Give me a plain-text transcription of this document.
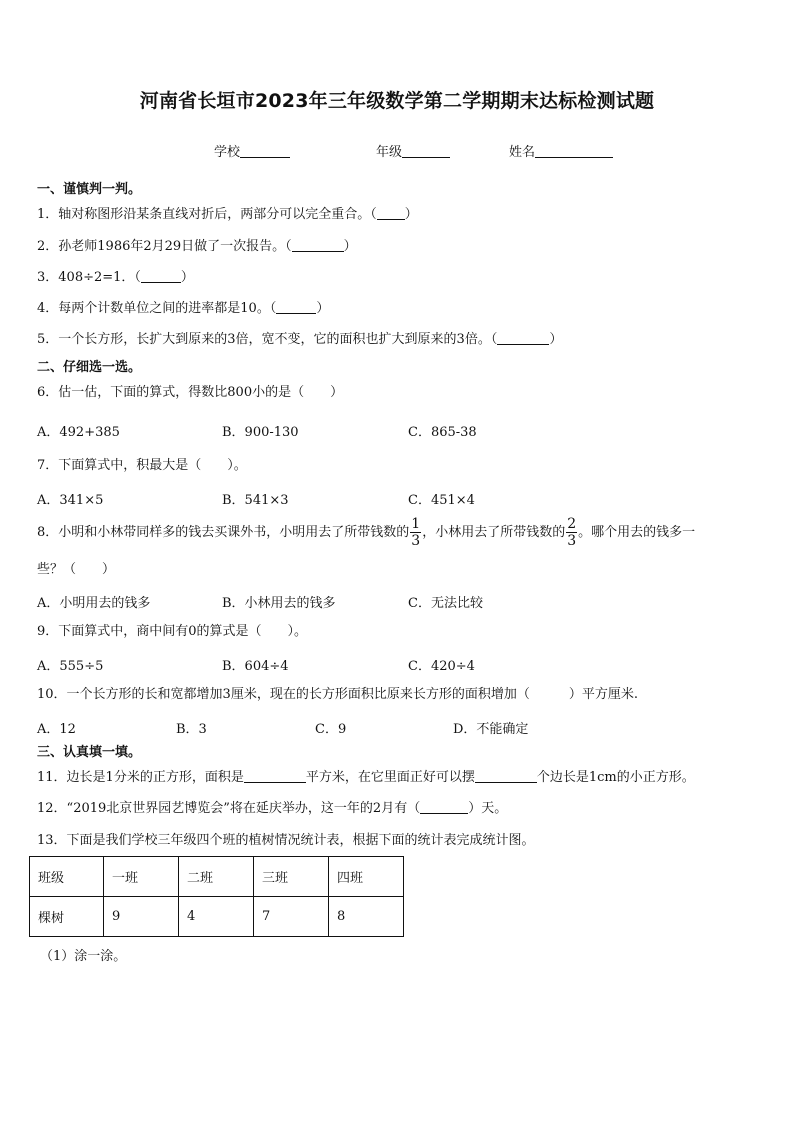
河南省长垣市2023年三年级数学第二学期期末达标检测试题
学校	年级	姓名
一、谨慎判一判。
1．轴对称图形沿某条直线对折后，两部分可以完全重合。（ ）
2．孙老师1986年2月29日做了一次报告。（	）
3．408÷2=1．（	）
4．每两个计数单位之间的进率都是10。（	）
5．一个长方形，长扩大到原来的3倍，宽不变，它的面积也扩大到原来的3倍。（	）
二、仔细选一选。
6．估一估，下面的算式，得数比800小的是（　　）
A．492+385	B．900-130	C．865-38
7．下面算式中，积最大是（　　）。
A．341×5	B．541×3	C．451×4
8．小明和小林带同样多的钱去买课外书，小明用去了所带钱数的 $\frac{1}{3}$ ，小林用去了所带钱数的 $\frac{2}{3}$ 。哪个用去的钱多一
些？（　　）
A．小明用去的钱多	B．小林用去的钱多	C．无法比较
9．下面算式中，商中间有0的算式是（　　）。
A．555÷5	B．604÷4	C．420÷4
10．一个长方形的长和宽都增加3厘米，现在的长方形面积比原来长方形的面积增加（　　　）平方厘米.
A．12	B．3	C．9	D．不能确定
三、认真填一填。
11．边长是1分米的正方形，面积是	平方米，在它里面正好可以摆	个边长是1cm的小正方形。
12．“2019北京世界园艺博览会”将在延庆举办，这一年的2月有（	）天。
13．下面是我们学校三年级四个班的植树情况统计表，根据下面的统计表完成统计图。
班级	一班	二班	三班	四班
棵树	9	4	7	8
（1）涂一涂。
